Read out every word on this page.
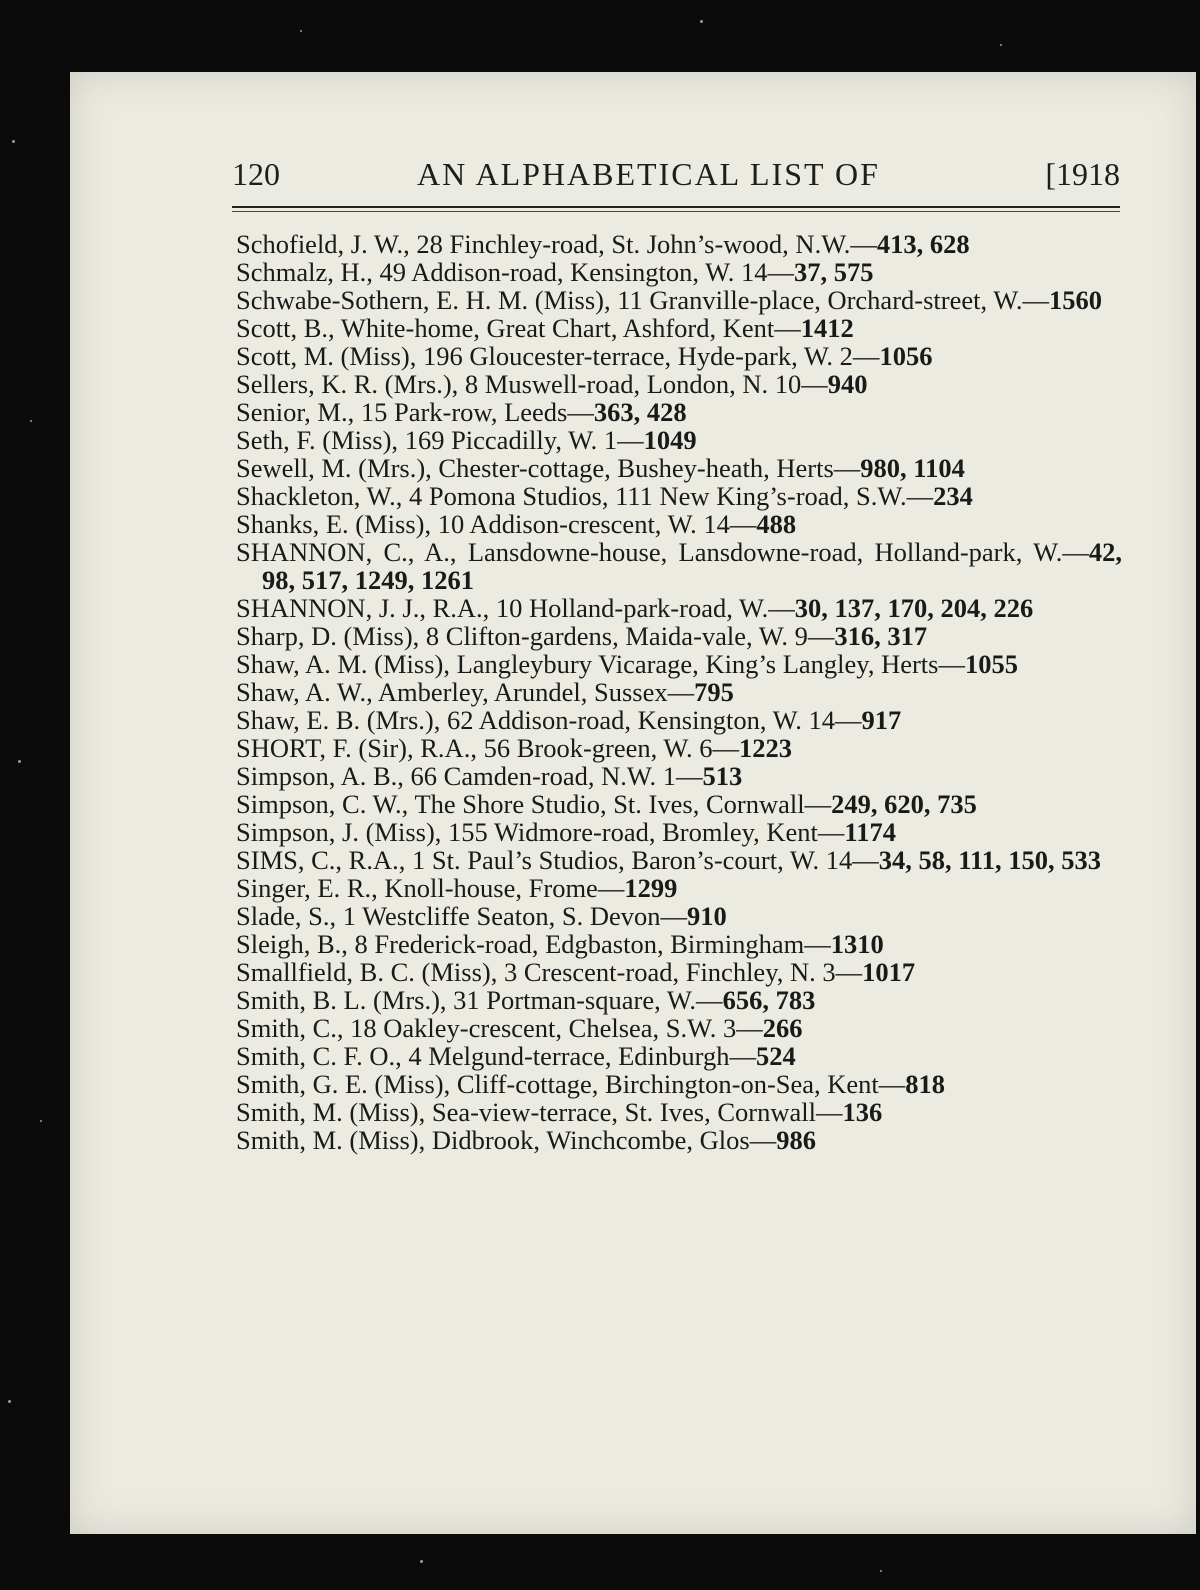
120	AN ALPHABETICAL LIST OF	[1918
Schofield, J. W., 28 Finchley-road, St. John’s-wood, N.W.—413, 628
Schmalz, H., 49 Addison-road, Kensington, W. 14—37, 575
Schwabe-Sothern, E. H. M. (Miss), 11 Granville-place, Orchard-street, W.—1560
Scott, B., White-home, Great Chart, Ashford, Kent—1412
Scott, M. (Miss), 196 Gloucester-terrace, Hyde-park, W. 2—1056
Sellers, K. R. (Mrs.), 8 Muswell-road, London, N. 10—940
Senior, M., 15 Park-row, Leeds—363, 428
Seth, F. (Miss), 169 Piccadilly, W. 1—1049
Sewell, M. (Mrs.), Chester-cottage, Bushey-heath, Herts—980, 1104
Shackleton, W., 4 Pomona Studios, 111 New King’s-road, S.W.—234
Shanks, E. (Miss), 10 Addison-crescent, W. 14—488
SHANNON, C., A., Lansdowne-house, Lansdowne-road, Holland-park, W.—42, 98, 517, 1249, 1261
SHANNON, J. J., R.A., 10 Holland-park-road, W.—30, 137, 170, 204, 226
Sharp, D. (Miss), 8 Clifton-gardens, Maida-vale, W. 9—316, 317
Shaw, A. M. (Miss), Langleybury Vicarage, King’s Langley, Herts—1055
Shaw, A. W., Amberley, Arundel, Sussex—795
Shaw, E. B. (Mrs.), 62 Addison-road, Kensington, W. 14—917
SHORT, F. (Sir), R.A., 56 Brook-green, W. 6—1223
Simpson, A. B., 66 Camden-road, N.W. 1—513
Simpson, C. W., The Shore Studio, St. Ives, Cornwall—249, 620, 735
Simpson, J. (Miss), 155 Widmore-road, Bromley, Kent—1174
SIMS, C., R.A., 1 St. Paul’s Studios, Baron’s-court, W. 14—34, 58, 111, 150, 533
Singer, E. R., Knoll-house, Frome—1299
Slade, S., 1 Westcliffe Seaton, S. Devon—910
Sleigh, B., 8 Frederick-road, Edgbaston, Birmingham—1310
Smallfield, B. C. (Miss), 3 Crescent-road, Finchley, N. 3—1017
Smith, B. L. (Mrs.), 31 Portman-square, W.—656, 783
Smith, C., 18 Oakley-crescent, Chelsea, S.W. 3—266
Smith, C. F. O., 4 Melgund-terrace, Edinburgh—524
Smith, G. E. (Miss), Cliff-cottage, Birchington-on-Sea, Kent—818
Smith, M. (Miss), Sea-view-terrace, St. Ives, Cornwall—136
Smith, M. (Miss), Didbrook, Winchcombe, Glos—986
